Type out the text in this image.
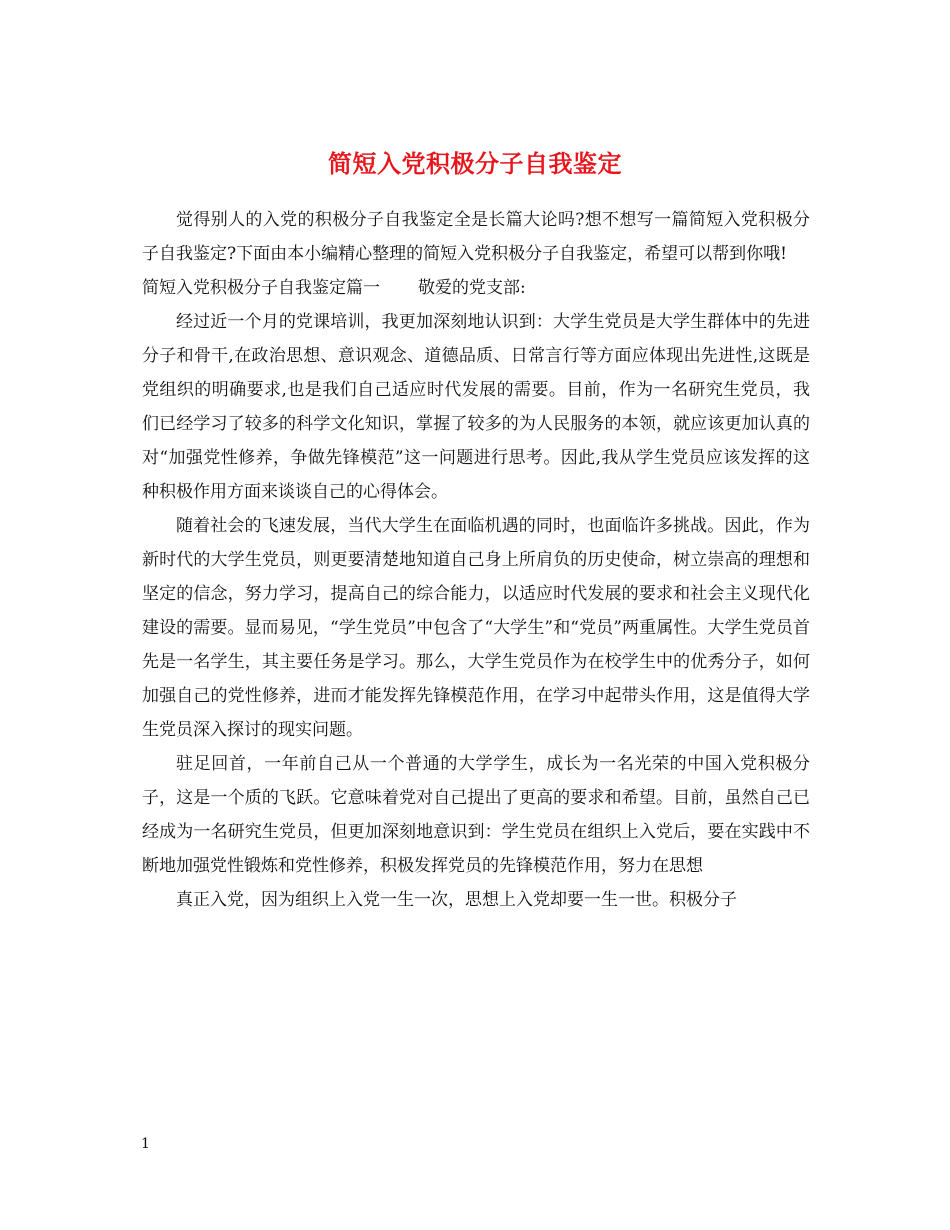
简短入党积极分子自我鉴定

觉得别人的入党的积极分子自我鉴定全是长篇大论吗?想不想写一篇简短入党积极分子自我鉴定?下面由本小编精心整理的简短入党积极分子自我鉴定，希望可以帮到你哦!

简短入党积极分子自我鉴定篇一 敬爱的党支部:

经过近一个月的党课培训，我更加深刻地认识到：大学生党员是大学生群体中的先进分子和骨干,在政治思想、意识观念、道德品质、日常言行等方面应体现出先进性,这既是党组织的明确要求,也是我们自己适应时代发展的需要。目前，作为一名研究生党员，我们已经学习了较多的科学文化知识，掌握了较多的为人民服务的本领，就应该更加认真的对“加强党性修养，争做先锋模范”这一问题进行思考。因此,我从学生党员应该发挥的这种积极作用方面来谈谈自己的心得体会。

随着社会的飞速发展，当代大学生在面临机遇的同时，也面临许多挑战。因此，作为新时代的大学生党员，则更要清楚地知道自己身上所肩负的历史使命，树立崇高的理想和坚定的信念，努力学习，提高自己的综合能力，以适应时代发展的要求和社会主义现代化建设的需要。显而易见，“学生党员”中包含了“大学生”和“党员”两重属性。大学生党员首先是一名学生，其主要任务是学习。那么，大学生党员作为在校学生中的优秀分子，如何加强自己的党性修养，进而才能发挥先锋模范作用，在学习中起带头作用，这是值得大学生党员深入探讨的现实问题。

驻足回首，一年前自己从一个普通的大学学生，成长为一名光荣的中国入党积极分子，这是一个质的飞跃。它意味着党对自己提出了更高的要求和希望。目前，虽然自己已经成为一名研究生党员，但更加深刻地意识到：学生党员在组织上入党后，要在实践中不断地加强党性锻炼和党性修养，积极发挥党员的先锋模范作用，努力在思想

真正入党，因为组织上入党一生一次，思想上入党却要一生一世。积极分子

1
